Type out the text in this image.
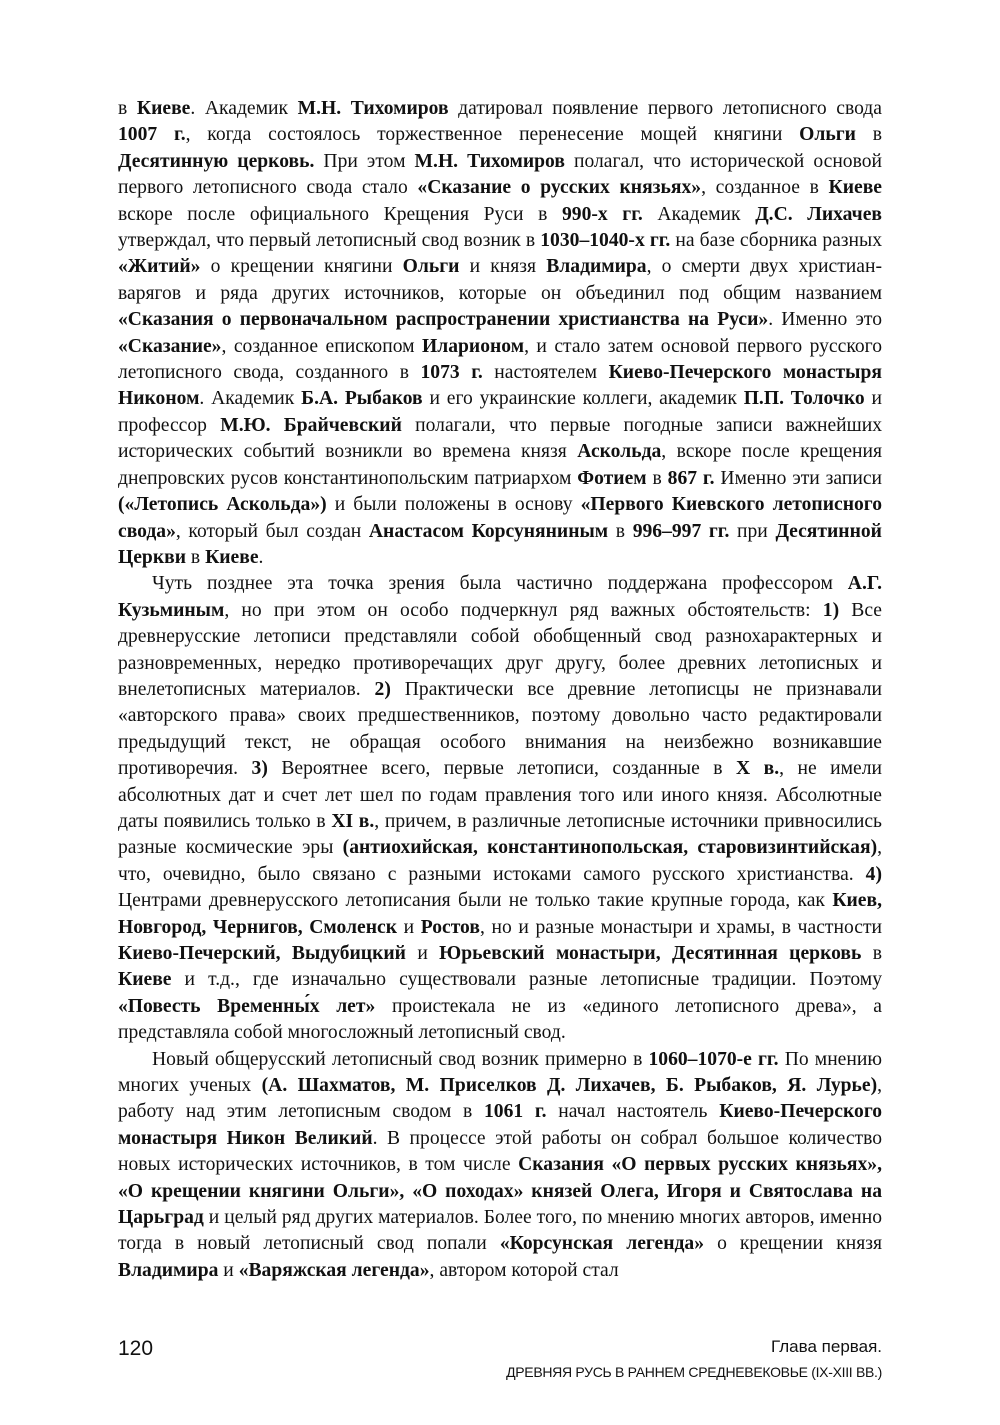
в Киеве. Академик М.Н. Тихомиров датировал появление первого летописного свода 1007 г., когда состоялось торжественное перенесение мощей княгини Ольги в Десятинную церковь. При этом М.Н. Тихомиров полагал, что исторической основой первого летописного свода стало «Сказание о русских князьях», созданное в Киеве вскоре после официального Крещения Руси в 990-х гг. Академик Д.С. Лихачев утверждал, что первый летописный свод возник в 1030–1040-х гг. на базе сборника разных «Житий» о крещении княгини Ольги и князя Владимира, о смерти двух христиан-варягов и ряда других источников, которые он объединил под общим названием «Сказания о первоначальном распространении христианства на Руси». Именно это «Сказание», созданное епископом Иларионом, и стало затем основой первого русского летописного свода, созданного в 1073 г. настоятелем Киево-Печерского монастыря Никоном. Академик Б.А. Рыбаков и его украинские коллеги, академик П.П. Толочко и профессор М.Ю. Брайчевский полагали, что первые погодные записи важнейших исторических событий возникли во времена князя Аскольда, вскоре после крещения днепровских русов константинопольским патриархом Фотием в 867 г. Именно эти записи («Летопись Аскольда») и были положены в основу «Первого Киевского летописного свода», который был создан Анастасом Корсуняниным в 996–997 гг. при Десятинной Церкви в Киеве.

Чуть позднее эта точка зрения была частично поддержана профессором А.Г. Кузьминым, но при этом он особо подчеркнул ряд важных обстоятельств: 1) Все древнерусские летописи представляли собой обобщенный свод разнохарактерных и разновременных, нередко противоречащих друг другу, более древних летописных и внелетописных материалов. 2) Практически все древние летописцы не признавали «авторского права» своих предшественников, поэтому довольно часто редактировали предыдущий текст, не обращая особого внимания на неизбежно возникавшие противоречия. 3) Вероятнее всего, первые летописи, созданные в X в., не имели абсолютных дат и счет лет шел по годам правления того или иного князя. Абсолютные даты появились только в XI в., причем, в различные летописные источники привносились разные космические эры (антиохийская, константинопольская, старовизинтийская), что, очевидно, было связано с разными истоками самого русского христианства. 4) Центрами древнерусского летописания были не только такие крупные города, как Киев, Новгород, Чернигов, Смоленск и Ростов, но и разные монастыри и храмы, в частности Киево-Печерский, Выдубицкий и Юрьевский монастыри, Десятинная церковь в Киеве и т.д., где изначально существовали разные летописные традиции. Поэтому «Повесть Временны́х лет» проистекала не из «единого летописного древа», а представляла собой многосложный летописный свод.

Новый общерусский летописный свод возник примерно в 1060–1070-е гг. По мнению многих ученых (А. Шахматов, М. Приселков Д. Лихачев, Б. Рыбаков, Я. Лурье), работу над этим летописным сводом в 1061 г. начал настоятель Киево-Печерского монастыря Никон Великий. В процессе этой работы он собрал большое количество новых исторических источников, в том числе Сказания «О первых русских князьях», «О крещении княгини Ольги», «О походах» князей Олега, Игоря и Святослава на Царьград и целый ряд других материалов. Более того, по мнению многих авторов, именно тогда в новый летописный свод попали «Корсунская легенда» о крещении князя Владимира и «Варяжская легенда», автором которой стал

120	Глава первая.
ДРЕВНЯЯ РУСЬ В РАННЕМ СРЕДНЕВЕКОВЬЕ (IX-XIII ВВ.)
